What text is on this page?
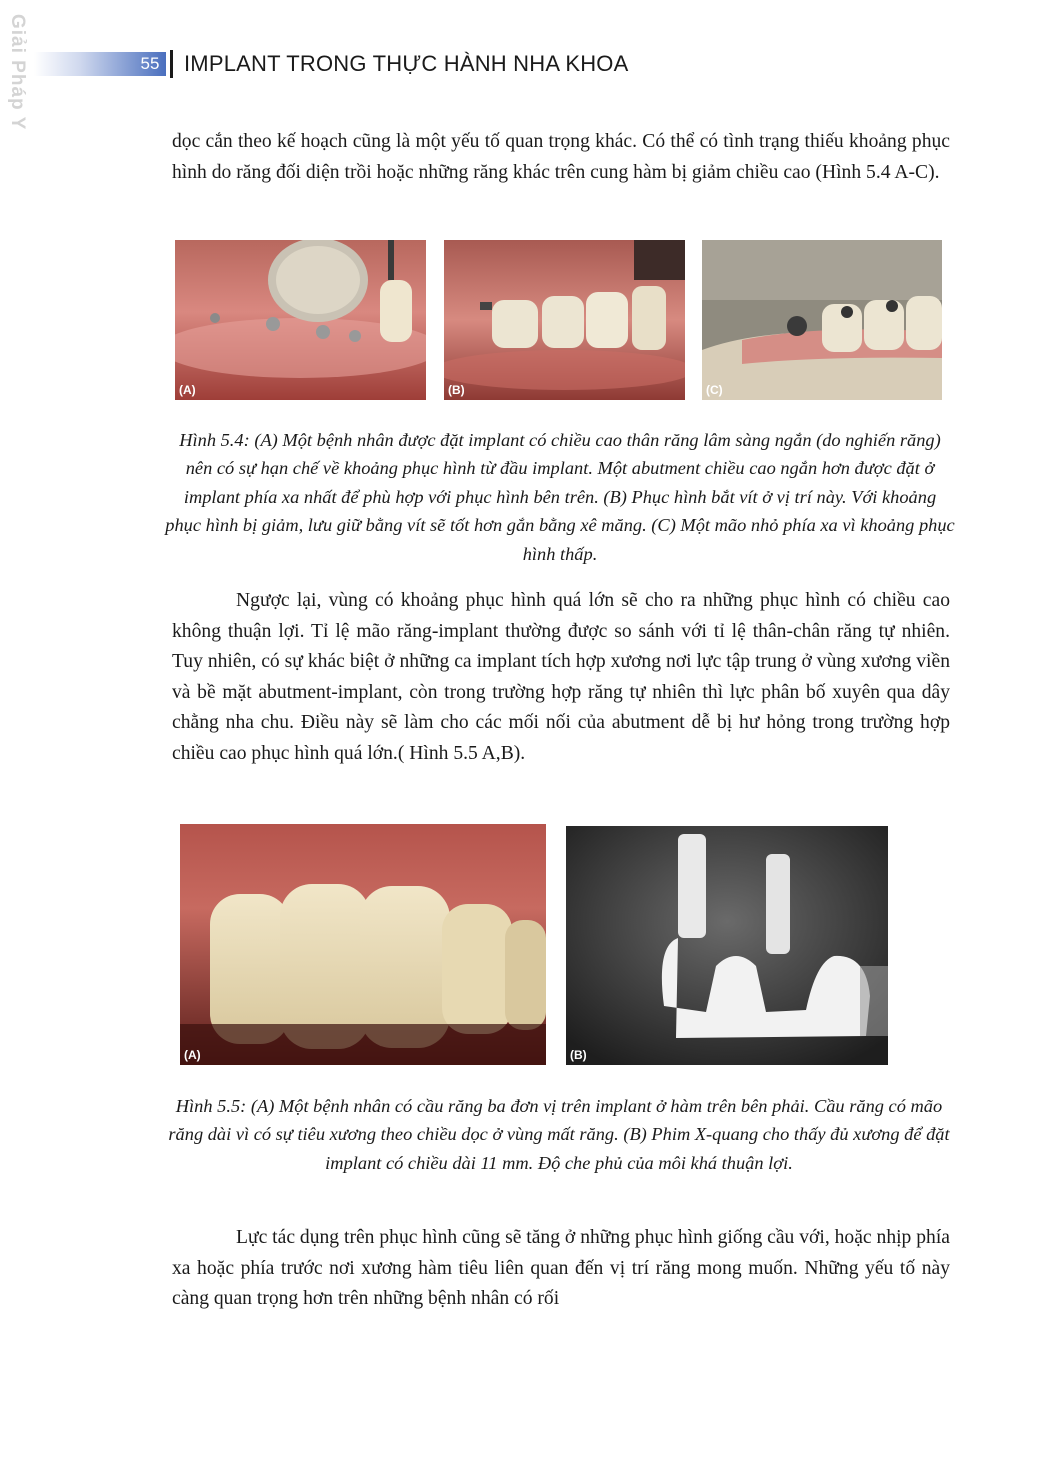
Giải Pháp Y
55 IMPLANT TRONG THỰC HÀNH NHA KHOA

dọc cắn theo kế hoạch cũng là một yếu tố quan trọng khác. Có thể có tình trạng thiếu khoảng phục hình do răng đối diện trồi hoặc những răng khác trên cung hàm bị giảm chiều cao (Hình 5.4 A-C).

(A)	(B)	(C)

Hình 5.4: (A) Một bệnh nhân được đặt implant có chiều cao thân răng lâm sàng ngắn (do nghiến răng) nên có sự hạn chế về khoảng phục hình từ đầu implant. Một abutment chiều cao ngắn hơn được đặt ở implant phía xa nhất để phù hợp với phục hình bên trên. (B) Phục hình bắt vít ở vị trí này. Với khoảng phục hình bị giảm, lưu giữ bằng vít sẽ tốt hơn gắn bằng xê măng. (C) Một mão nhỏ phía xa vì khoảng phục hình thấp.

Ngược lại, vùng có khoảng phục hình quá lớn sẽ cho ra những phục hình có chiều cao không thuận lợi. Tỉ lệ mão răng-implant thường được so sánh với tỉ lệ thân-chân răng tự nhiên. Tuy nhiên, có sự khác biệt ở những ca implant tích hợp xương nơi lực tập trung ở vùng xương viền và bề mặt abutment-implant, còn trong trường hợp răng tự nhiên thì lực phân bố xuyên qua dây chằng nha chu. Điều này sẽ làm cho các mối nối của abutment dễ bị hư hỏng trong trường hợp chiều cao phục hình quá lớn.( Hình 5.5 A,B).

(A)	(B)

Hình 5.5: (A) Một bệnh nhân có cầu răng ba đơn vị trên implant ở hàm trên bên phải. Cầu răng có mão răng dài vì có sự tiêu xương theo chiều dọc ở vùng mất răng. (B) Phim X-quang cho thấy đủ xương để đặt implant có chiều dài 11 mm. Độ che phủ của môi khá thuận lợi.

Lực tác dụng trên phục hình cũng sẽ tăng ở những phục hình giống cầu với, hoặc nhịp phía xa hoặc phía trước nơi xương hàm tiêu liên quan đến vị trí răng mong muốn. Những yếu tố này càng quan trọng hơn trên những bệnh nhân có rối
